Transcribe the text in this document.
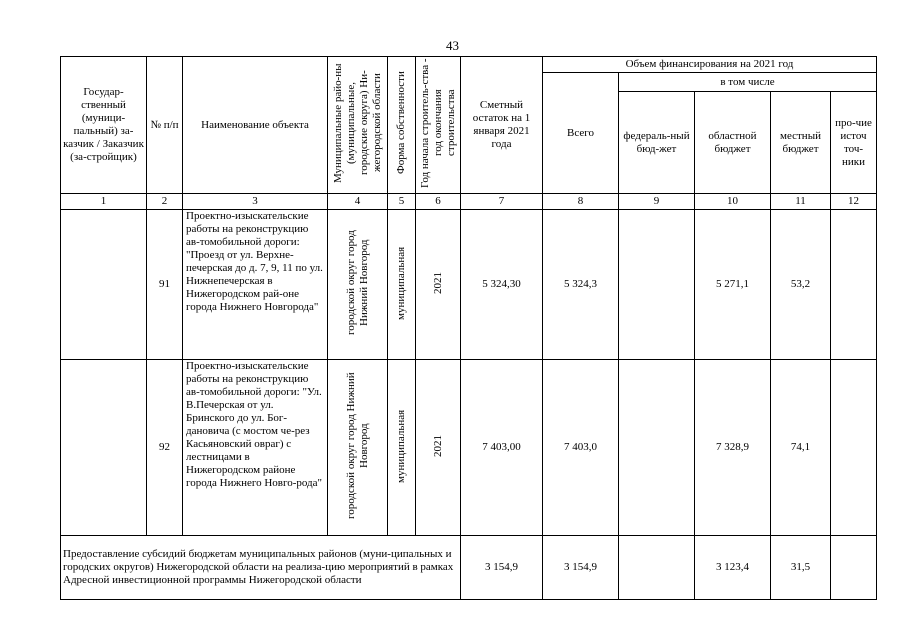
43
Государ-ственный (муници-пальный) за-казчик / Заказчик (за-стройщик)	№ п/п	Наименование объекта	Муниципальные райо-ны (муниципальные, городские округа) Ни-жегородской области	Форма собственности	Год начала строитель-ства - год окончания строительства	Сметный остаток на 1 января 2021 года	Объем финансирования на 2021 год				
							Всего	в том числе			
								федераль-ный бюд-жет	областной бюджет	местный бюджет	про-чие источ точ-ники
1	2	3	4	5	6	7	8	9	10	11	12
	91	Проектно-изыскательские работы на реконструкцию ав-томобильной дороги: "Проезд от ул. Верхне-печерская до д. 7, 9, 11 по ул. Нижнепечерская в Нижегородском рай-оне города Нижнего Новгорода"	городской округ город Нижний Новгород	муниципальная	2021	5 324,30	5 324,3		5 271,1	53,2	
	92	Проектно-изыскательские работы на реконструкцию ав-томобильной дороги: "Ул. В.Печерская от ул. Бринского до ул. Бог-дановича (с мостом че-рез Касьяновский овраг) с лестницами в Нижегородском районе города Нижнего Новго-рода"	городской округ город Нижний Новгород	муниципальная	2021	7 403,00	7 403,0		7 328,9	74,1	
Предоставление субсидий бюджетам муниципальных районов (муни-ципальных и городских округов) Нижегородской области на реализа-цию мероприятий в рамках Адресной инвестиционной программы Нижегородской области						3 154,9	3 154,9		3 123,4	31,5	
